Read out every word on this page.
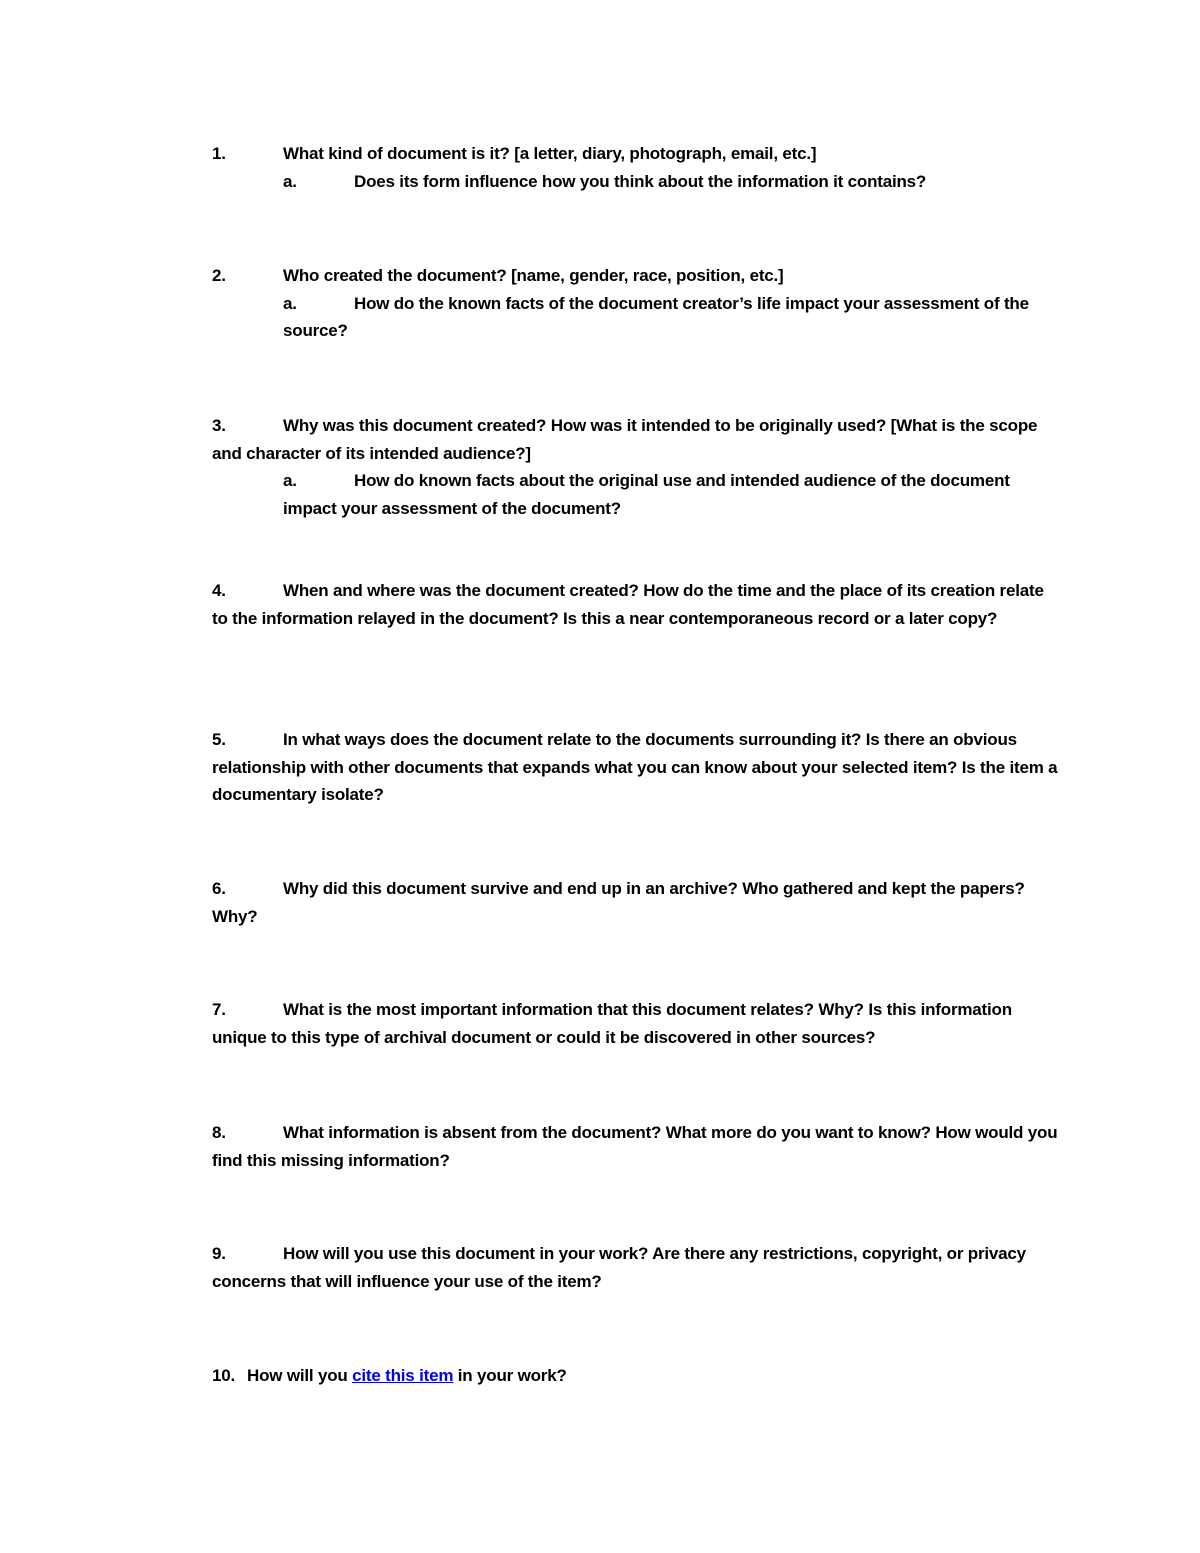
1.	What kind of document is it? [a letter, diary, photograph, email, etc.]
a.	Does its form influence how you think about the information it contains?
2.	Who created the document? [name, gender, race, position, etc.]
a.	How do the known facts of the document creator’s life impact your assessment of the source?
3.	Why was this document created? How was it intended to be originally used? [What is the scope and character of its intended audience?]
a.	How do known facts about the original use and intended audience of the document impact your assessment of the document?
4.	When and where was the document created? How do the time and the place of its creation relate to the information relayed in the document? Is this a near contemporaneous record or a later copy?
5.	In what ways does the document relate to the documents surrounding it? Is there an obvious relationship with other documents that expands what you can know about your selected item? Is the item a documentary isolate?
6.	Why did this document survive and end up in an archive? Who gathered and kept the papers? Why?
7.	What is the most important information that this document relates? Why? Is this information unique to this type of archival document or could it be discovered in other sources?
8.	What information is absent from the document? What more do you want to know? How would you find this missing information?
9.	How will you use this document in your work? Are there any restrictions, copyright, or privacy concerns that will influence your use of the item?
10. How will you cite this item in your work?
